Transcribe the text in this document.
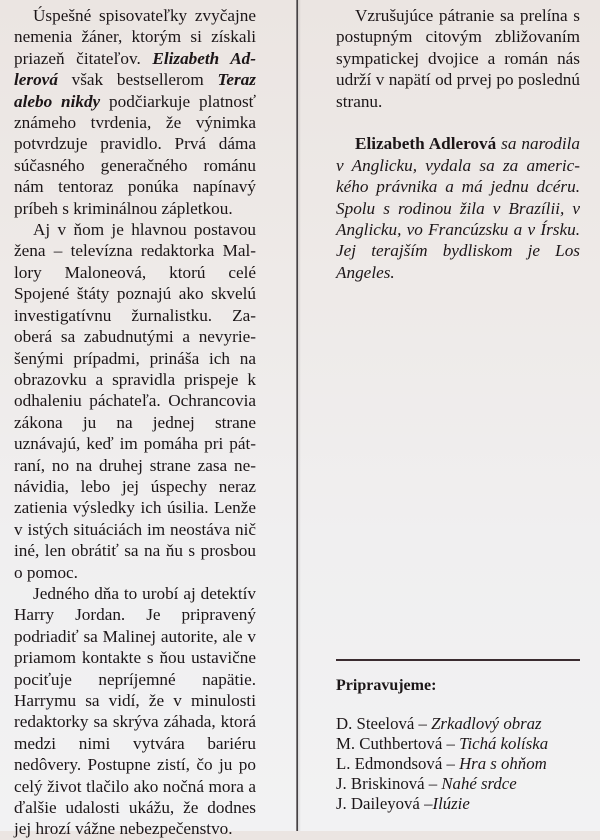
Úspešné spisovateľky zvyčajne nemenia žáner, ktorým si získali priazeň čitateľov. Elizabeth Adlerová však bestsellerom Teraz alebo nikdy podčiarkuje platnosť známeho tvrdenia, že výnimka potvrdzuje pravidlo. Prvá dáma súčasného generačného románu nám tentoraz ponúka napínavý príbeh s kriminálnou zápletkou.

Aj v ňom je hlavnou postavou žena – televízna redaktorka Mallory Maloneová, ktorú celé Spojené štáty poznajú ako skvelú investigatívnu žurnalistku. Zaoberá sa zabudnutými a nevyriešenými prípadmi, prináša ich na obrazovku a spravidla prispeje k odhaleniu páchateľa. Ochrancovia zákona ju na jednej strane uznávajú, keď im pomáha pri pátraní, no na druhej strane zasa nenávidia, lebo jej úspechy neraz zatienia výsledky ich úsilia. Lenže v istých situáciách im neostáva nič iné, len obrátiť sa na ňu s prosbou o pomoc.

Jedného dňa to urobí aj detektív Harry Jordan. Je pripravený podriadiť sa Malinej autorite, ale v priamom kontakte s ňou ustavične pociťuje nepríjemné napätie. Harrymu sa vidí, že v minulosti redaktorky sa skrýva záhada, ktorá medzi nimi vytvára bariéru nedôvery. Postupne zistí, čo ju po celý život tlačilo ako nočná mora a ďalšie udalosti ukážu, že dodnes jej hrozí vážne nebezpečenstvo.

Vzrušujúce pátranie sa prelína s postupným citovým zbližovaním sympatickej dvojice a román nás udrží v napätí od prvej po poslednú stranu.

Elizabeth Adlerová sa narodila v Anglicku, vydala sa za amerického právnika a má jednu dcéru. Spolu s rodinou žila v Brazílii, v Anglicku, vo Francúzsku a v Írsku. Jej terajším bydliskom je Los Angeles.

Pripravujeme:
D. Steelová – Zrkadlový obraz
M. Cuthbertová – Tichá kolíska
L. Edmondsová – Hra s ohňom
J. Briskinová – Nahé srdce
J. Daileyová –Ilúzie
